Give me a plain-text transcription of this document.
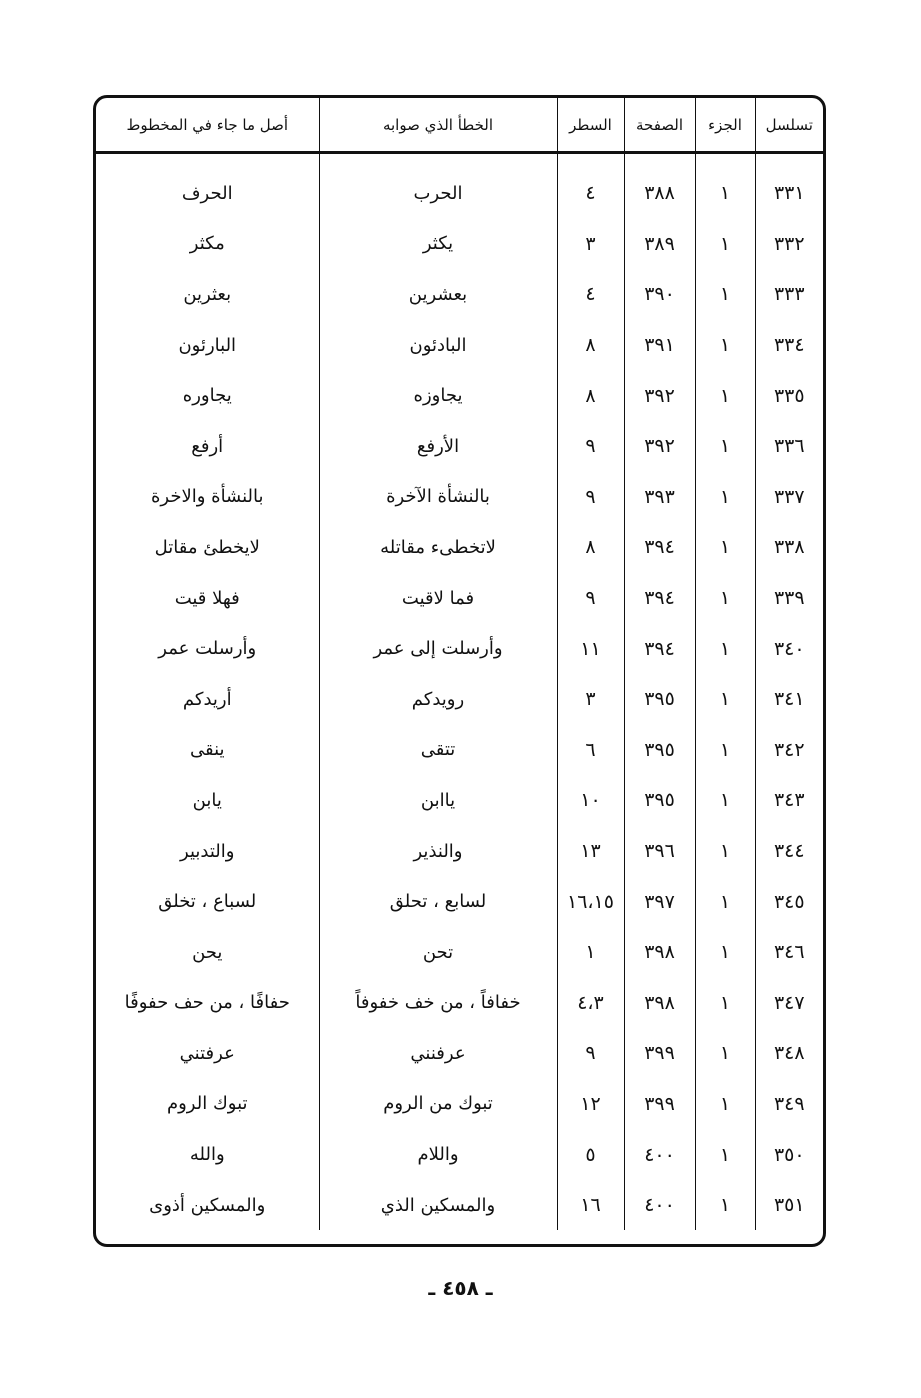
تسلسل	الجزء	الصفحة	السطر	الخطأ الذي صوابه	أصل ما جاء في المخطوط
٣٣١	١	٣٨٨	٤	الحرب	الحرف
٣٣٢	١	٣٨٩	٣	يكثر	مكثر
٣٣٣	١	٣٩٠	٤	بعشرين	بعثرين
٣٣٤	١	٣٩١	٨	البادئون	البارئون
٣٣٥	١	٣٩٢	٨	يجاوزه	يجاوره
٣٣٦	١	٣٩٢	٩	الأرفع	أرفع
٣٣٧	١	٣٩٣	٩	بالنشأة الآخرة	بالنشأة والاخرة
٣٣٨	١	٣٩٤	٨	لاتخطىء مقاتله	لايخطئ مقاتل
٣٣٩	١	٣٩٤	٩	فما لاقيت	فهلا قيت
٣٤٠	١	٣٩٤	١١	وأرسلت إلى عمر	وأرسلت عمر
٣٤١	١	٣٩٥	٣	رويدكم	أريدكم
٣٤٢	١	٣٩٥	٦	تتقى	ينقى
٣٤٣	١	٣٩٥	١٠	ياابن	يابن
٣٤٤	١	٣٩٦	١٣	والنذير	والتدبير
٣٤٥	١	٣٩٧	١٦،١٥	لسابع ، تحلق	لسباع ، تخلق
٣٤٦	١	٣٩٨	١	تحن	يحن
٣٤٧	١	٣٩٨	٤،٣	خفافاً ، من خف خفوفاً	حفافًا ، من حف حفوفًا
٣٤٨	١	٣٩٩	٩	عرفنني	عرفتني
٣٤٩	١	٣٩٩	١٢	تبوك من الروم	تبوك الروم
٣٥٠	١	٤٠٠	٥	واللام	والله
٣٥١	١	٤٠٠	١٦	والمسكين الذي	والمسكين أذوى
ـ ٤٥٨ ـ
